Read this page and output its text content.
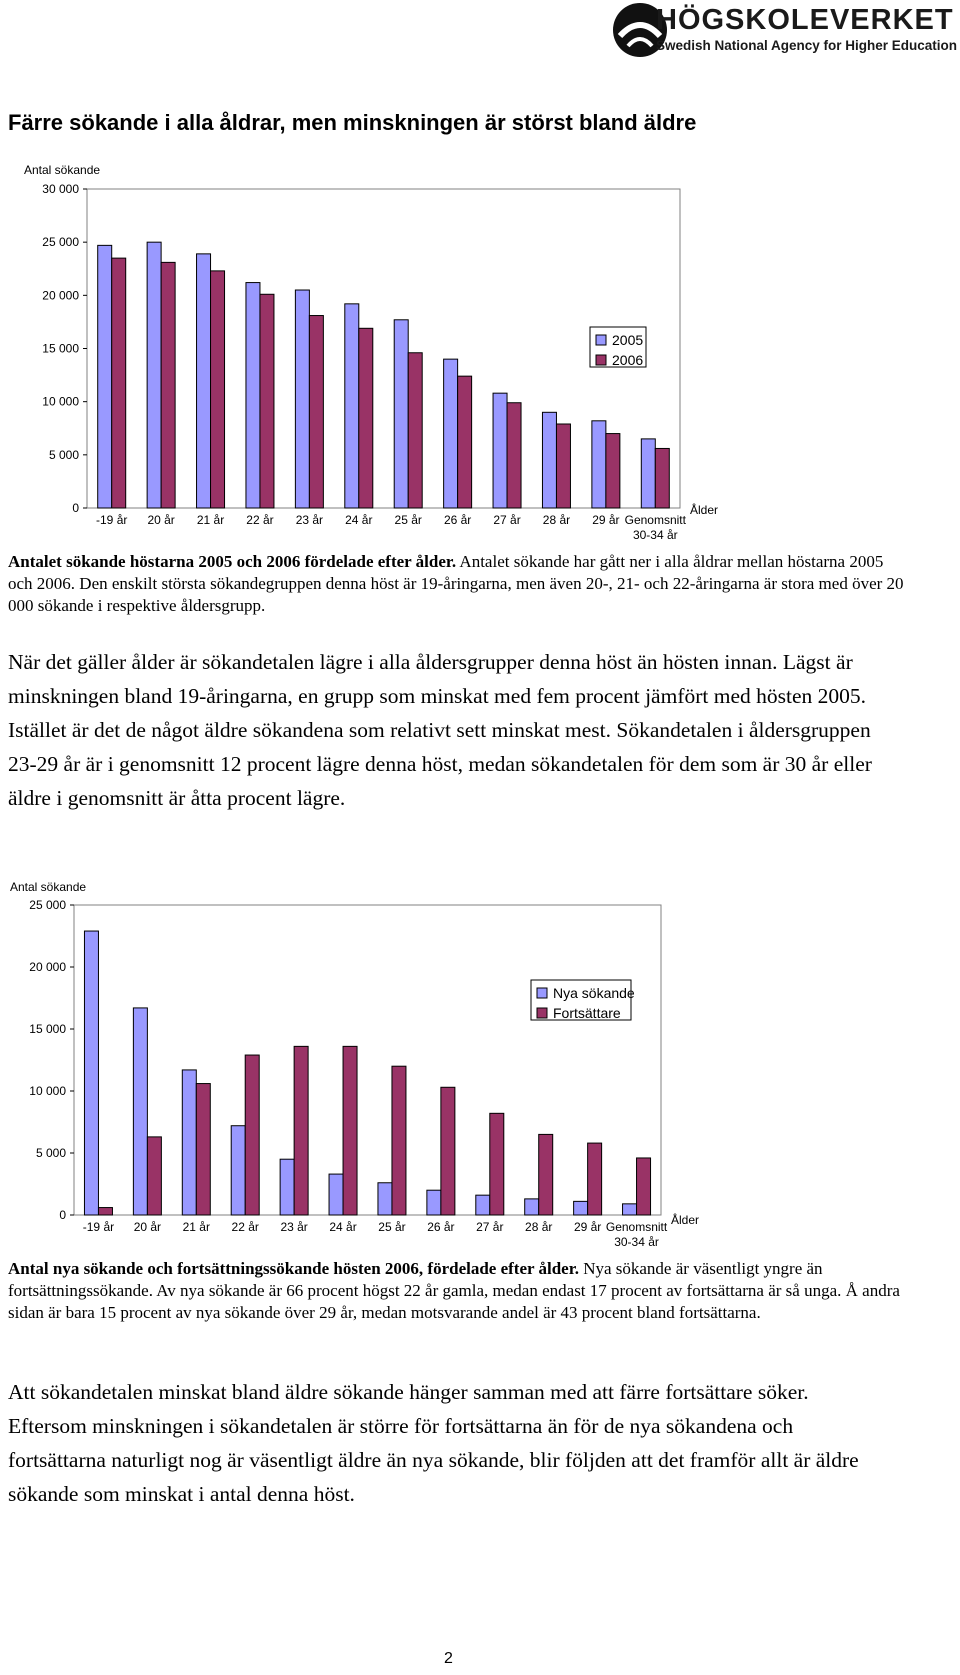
HÖGSKOLEVERKET
Swedish National Agency for Higher Education
Färre sökande i alla åldrar, men minskningen är störst bland äldre
Antal sökande
0
5 000
10 000
15 000
20 000
25 000
30 000
-19 år 20 år 21 år 22 år 23 år 24 år 25 år 26 år 27 år 28 år 29 år Genomsnitt
30-34 år
Ålder
2005
2006
Antalet sökande höstarna 2005 och 2006 fördelade efter ålder. Antalet sökande har gått ner i alla åldrar mellan höstarna 2005 och 2006. Den enskilt största sökandegruppen denna höst är 19-åringarna, men även 20-, 21- och 22-åringarna är stora med över 20 000 sökande i respektive åldersgrupp.
När det gäller ålder är sökandetalen lägre i alla åldersgrupper denna höst än hösten innan. Lägst är minskningen bland 19-åringarna, en grupp som minskat med fem procent jämfört med hösten 2005. Istället är det de något äldre sökandena som relativt sett minskat mest. Sökandetalen i åldersgruppen 23-29 år är i genomsnitt 12 procent lägre denna höst, medan sökandetalen för dem som är 30 år eller äldre i genomsnitt är åtta procent lägre.
Antal sökande
0
5 000
10 000
15 000
20 000
25 000
-19 år 20 år 21 år 22 år 23 år 24 år 25 år 26 år 27 år 28 år 29 år Genomsnitt
30-34 år
Ålder
Nya sökande
Fortsättare
Antal nya sökande och fortsättningssökande hösten 2006, fördelade efter ålder. Nya sökande är väsentligt yngre än fortsättningssökande. Av nya sökande är 66 procent högst 22 år gamla, medan endast 17 procent av fortsättarna är så unga. Å andra sidan är bara 15 procent av nya sökande över 29 år, medan motsvarande andel är 43 procent bland fortsättarna.
Att sökandetalen minskat bland äldre sökande hänger samman med att färre fortsättare söker. Eftersom minskningen i sökandetalen är större för fortsättarna än för de nya sökandena och fortsättarna naturligt nog är väsentligt äldre än nya sökande, blir följden att det framför allt är äldre sökande som minskat i antal denna höst.
2
